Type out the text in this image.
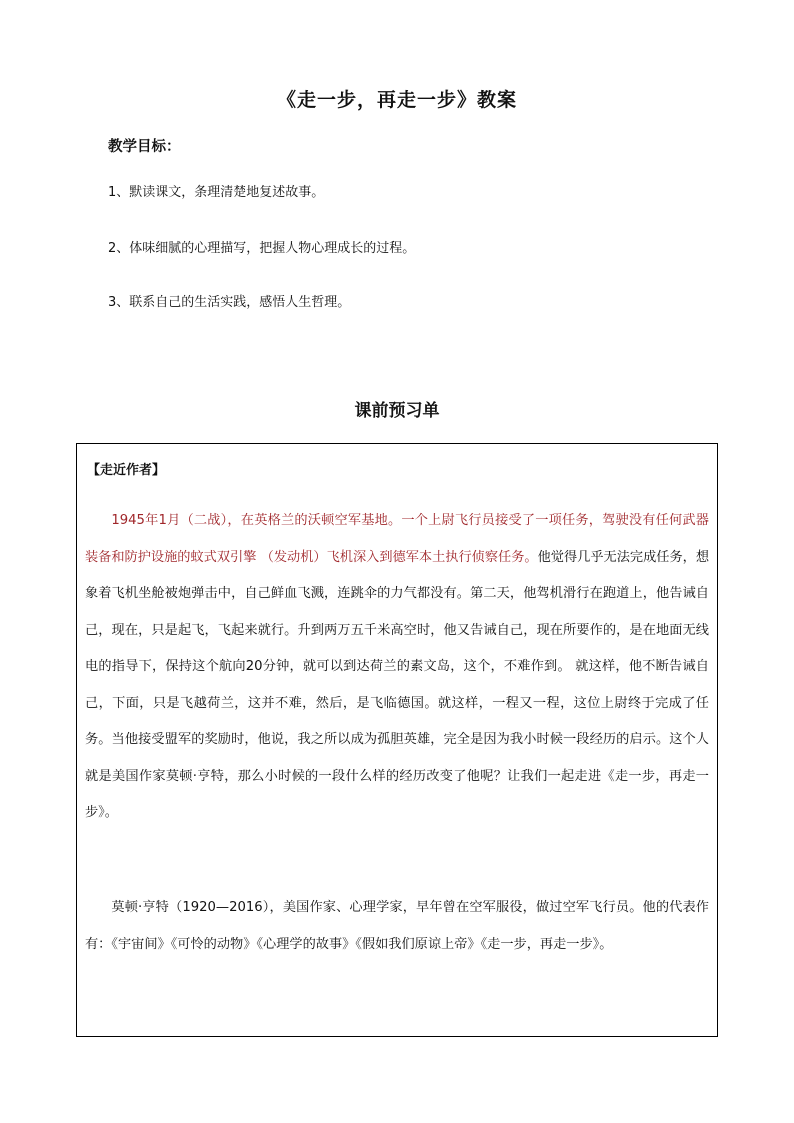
《走一步，再走一步》教案
教学目标：
1、默读课文，条理清楚地复述故事。
2、体味细腻的心理描写，把握人物心理成长的过程。
3、联系自己的生活实践，感悟人生哲理。
课前预习单
【走近作者】

1945年1月（二战），在英格兰的沃顿空军基地。一个上尉飞行员接受了一项任务，驾驶没有任何武器装备和防护设施的蚊式双引擎 （发动机）飞机深入到德军本土执行侦察任务。他觉得几乎无法完成任务，想象着飞机坐舱被炮弹击中，自己鲜血飞溅，连跳伞的力气都没有。第二天，他驾机滑行在跑道上，他告诫自己，现在，只是起飞，飞起来就行。升到两万五千米高空时，他又告诫自己，现在所要作的，是在地面无线电的指导下，保持这个航向20分钟，就可以到达荷兰的素文岛，这个，不难作到。 就这样，他不断告诫自己，下面，只是飞越荷兰，这并不难，然后，是飞临德国。就这样，一程又一程，这位上尉终于完成了任务。当他接受盟军的奖励时，他说，我之所以成为孤胆英雄，完全是因为我小时候一段经历的启示。这个人就是美国作家莫顿·亨特，那么小时候的一段什么样的经历改变了他呢？让我们一起走进《走一步，再走一步》。

莫顿·亨特（1920—2016），美国作家、心理学家，早年曾在空军服役，做过空军飞行员。他的代表作有：《宇宙间》《可怜的动物》《心理学的故事》《假如我们原谅上帝》《走一步，再走一步》。
